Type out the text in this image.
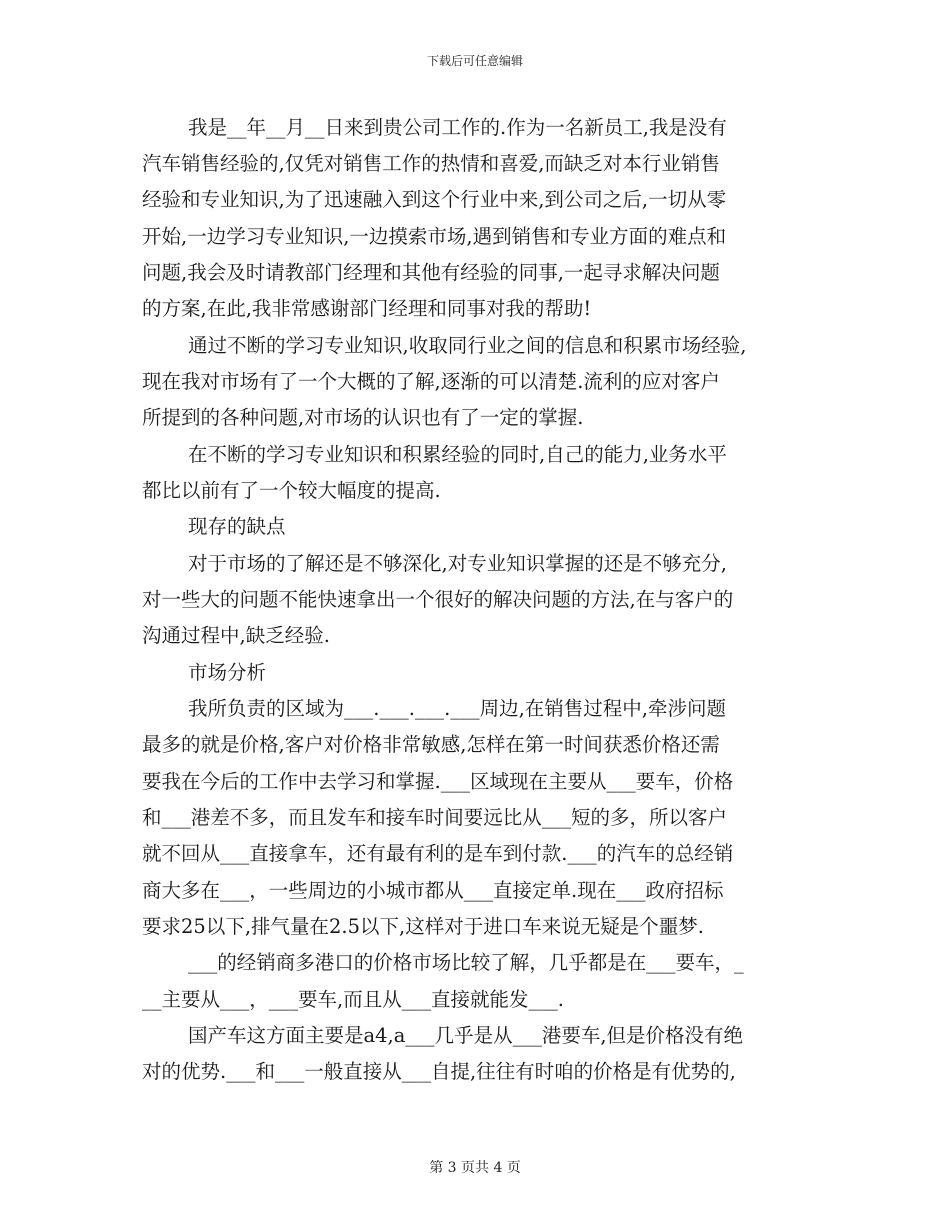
下载后可任意编辑
我是__年__月__日来到贵公司工作的.作为一名新员工,我是没有
汽车销售经验的,仅凭对销售工作的热情和喜爱,而缺乏对本行业销售
经验和专业知识,为了迅速融入到这个行业中来,到公司之后,一切从零
开始,一边学习专业知识,一边摸索市场,遇到销售和专业方面的难点和
问题,我会及时请教部门经理和其他有经验的同事,一起寻求解决问题
的方案,在此,我非常感谢部门经理和同事对我的帮助!
通过不断的学习专业知识,收取同行业之间的信息和积累市场经验,
现在我对市场有了一个大概的了解,逐渐的可以清楚.流利的应对客户
所提到的各种问题,对市场的认识也有了一定的掌握.
在不断的学习专业知识和积累经验的同时,自己的能力,业务水平
都比以前有了一个较大幅度的提高.
现存的缺点
对于市场的了解还是不够深化,对专业知识掌握的还是不够充分,
对一些大的问题不能快速拿出一个很好的解决问题的方法,在与客户的
沟通过程中,缺乏经验.
市场分析
我所负责的区域为___.___.___.___周边,在销售过程中,牵涉问题
最多的就是价格,客户对价格非常敏感,怎样在第一时间获悉价格还需
要我在今后的工作中去学习和掌握.___区域现在主要从___要车，价格
和___港差不多，而且发车和接车时间要远比从___短的多，所以客户
就不回从___直接拿车，还有最有利的是车到付款.___的汽车的总经销
商大多在___，一些周边的小城市都从___直接定单.现在___政府招标
要求25以下,排气量在2.5以下,这样对于进口车来说无疑是个噩梦.
___的经销商多港口的价格市场比较了解，几乎都是在___要车，_
__主要从___，___要车,而且从___直接就能发___.
国产车这方面主要是a4,a___几乎是从___港要车,但是价格没有绝
对的优势.___和___一般直接从___自提,往往有时咱的价格是有优势的,
第 3 页共 4 页
